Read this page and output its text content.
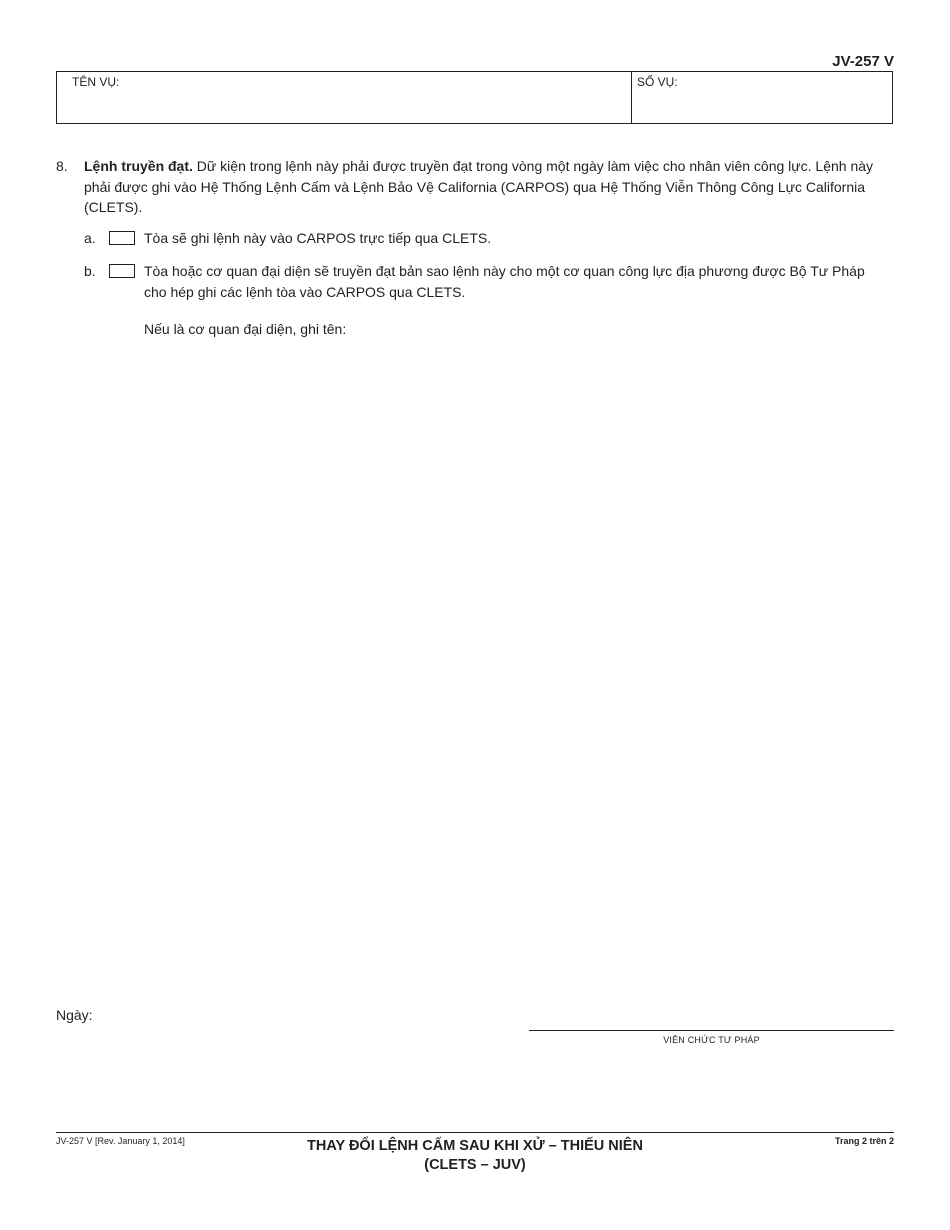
JV-257 V
TÊN VỤ:	SỐ VỤ:
8. Lệnh truyền đạt. Dữ kiện trong lệnh này phải được truyền đạt trong vòng một ngày làm việc cho nhân viên công lực. Lệnh này phải được ghi vào Hệ Thống Lệnh Cấm và Lệnh Bảo Vệ California (CARPOS) qua Hệ Thống Viễn Thông Công Lực California (CLETS).
a.	Tòa sẽ ghi lệnh này vào CARPOS trực tiếp qua CLETS.
b.	Tòa hoặc cơ quan đại diện sẽ truyền đạt bản sao lệnh này cho một cơ quan công lực địa phương được Bộ Tư Pháp cho hép ghi các lệnh tòa vào CARPOS qua CLETS.
Nếu là cơ quan đại diện, ghi tên:
Ngày:
VIÊN CHỨC TƯ PHÁP
JV-257 V [Rev. January 1, 2014]	THAY ĐỔI LỆNH CẤM SAU KHI XỬ – THIẾU NIÊN
(CLETS – JUV)
Trang 2 trên 2
